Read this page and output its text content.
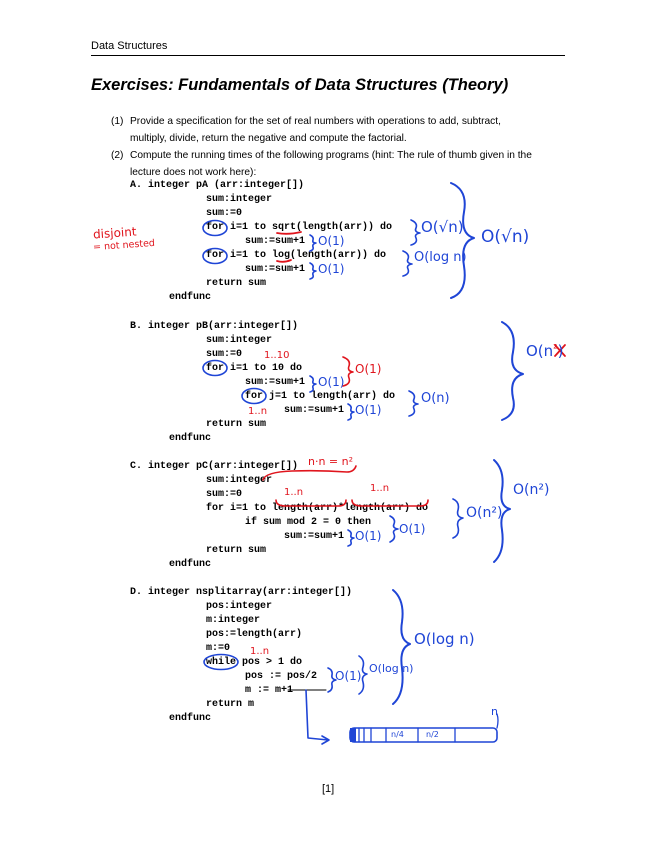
Data Structures
Exercises: Fundamentals of Data Structures (Theory)
(1) Provide a specification for the set of real numbers with operations to add, subtract,
multiply, divide, return the negative and compute the factorial.
(2) Compute the running times of the following programs (hint: The rule of thumb given in the
lecture does not work here):
A. integer pA (arr:integer[])
sum:integer
sum:=0
for i=1 to sqrt(length(arr)) do
sum:=sum+1
for i=1 to log(length(arr)) do
sum:=sum+1
return sum
endfunc
B. integer pB(arr:integer[])
sum:integer
sum:=0
for i=1 to 10 do
sum:=sum+1
for j=1 to length(arr) do
sum:=sum+1
return sum
endfunc
C. integer pC(arr:integer[])
sum:integer
sum:=0
for i=1 to length(arr)*length(arr) do
if sum mod 2 = 0 then
sum:=sum+1
return sum
endfunc
D. integer nsplitarray(arr:integer[])
pos:integer
m:integer
pos:=length(arr)
m:=0
while pos > 1 do
pos := pos/2
m := m+1
return m
endfunc
disjoint
= not nested
O(√n)
O(1)
O(log n)
O(1)
O(√n)
1..10
O(1)
O(1)
1..n	O(1)
O(n)
$O(n^{^2})$
n·n = n²
1..n	1..n
O(1) O(1)
O(n²)
O(n²)
1..n
O(1)
O(log n)
O(log n)
n
n/4	n/2
[1]
